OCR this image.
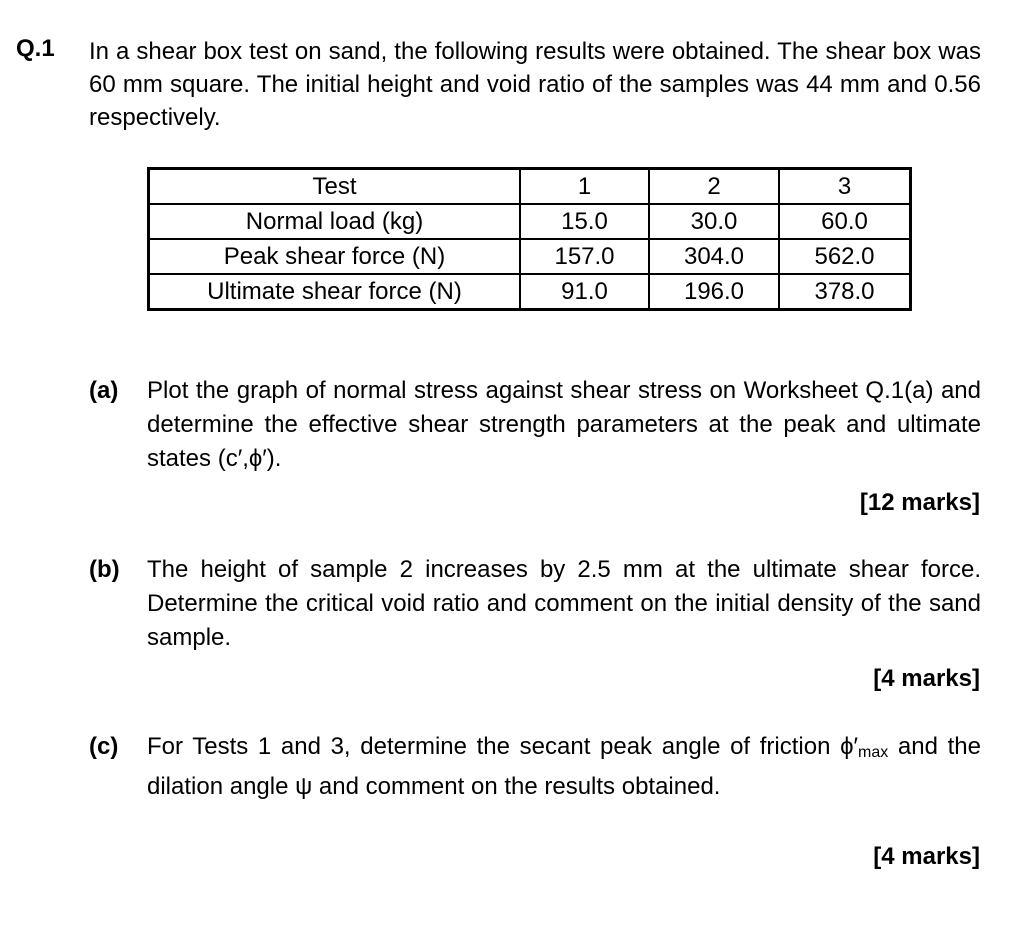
Q.1 In a shear box test on sand, the following results were obtained. The shear box was 60 mm square. The initial height and void ratio of the samples was 44 mm and 0.56 respectively.
Test	1	2	3
Normal load (kg)	15.0	30.0	60.0
Peak shear force (N)	157.0	304.0	562.0
Ultimate shear force (N)	91.0	196.0	378.0
(a) Plot the graph of normal stress against shear stress on Worksheet Q.1(a) and determine the effective shear strength parameters at the peak and ultimate states (c′,ϕ′).
[12 marks]
(b) The height of sample 2 increases by 2.5 mm at the ultimate shear force. Determine the critical void ratio and comment on the initial density of the sand sample.
[4 marks]
(c) For Tests 1 and 3, determine the secant peak angle of friction $\phi'_{max}$ and the dilation angle ψ and comment on the results obtained.
[4 marks]
